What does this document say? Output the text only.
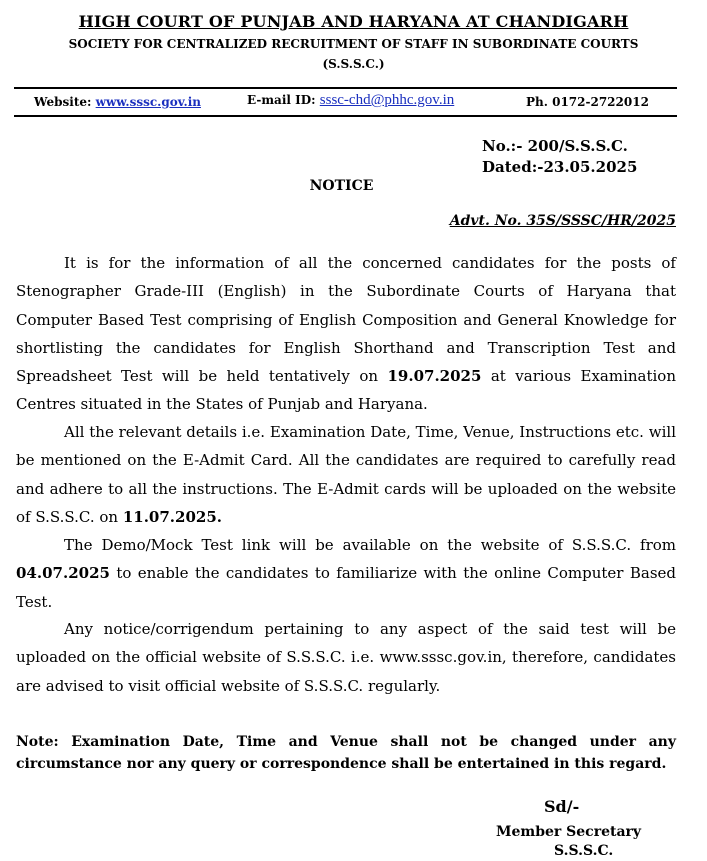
HIGH COURT OF PUNJAB AND HARYANA AT CHANDIGARH
SOCIETY FOR CENTRALIZED RECRUITMENT OF STAFF IN SUBORDINATE COURTS
(S.S.S.C.)
Website: www.sssc.gov.in	E-mail ID: sssc-chd@phhc.gov.in	Ph. 0172-2722012
No.:- 200/S.S.S.C.
Dated:-23.05.2025
NOTICE
Advt. No. 35S/SSSC/HR/2025
It is for the information of all the concerned candidates for the posts of Stenographer Grade-III (English) in the Subordinate Courts of Haryana that Computer Based Test comprising of English Composition and General Knowledge for shortlisting the candidates for English Shorthand and Transcription Test and Spreadsheet Test will be held tentatively on 19.07.2025 at various Examination Centres situated in the States of Punjab and Haryana.
All the relevant details i.e. Examination Date, Time, Venue, Instructions etc. will be mentioned on the E-Admit Card. All the candidates are required to carefully read and adhere to all the instructions. The E-Admit cards will be uploaded on the website of S.S.S.C. on 11.07.2025.
The Demo/Mock Test link will be available on the website of S.S.S.C. from 04.07.2025 to enable the candidates to familiarize with the online Computer Based Test.
Any notice/corrigendum pertaining to any aspect of the said test will be uploaded on the official website of S.S.S.C. i.e. www.sssc.gov.in, therefore, candidates are advised to visit official website of S.S.S.C. regularly.
Note: Examination Date, Time and Venue shall not be changed under any circumstance nor any query or correspondence shall be entertained in this regard.
Sd/-
Member Secretary
S.S.S.C.
